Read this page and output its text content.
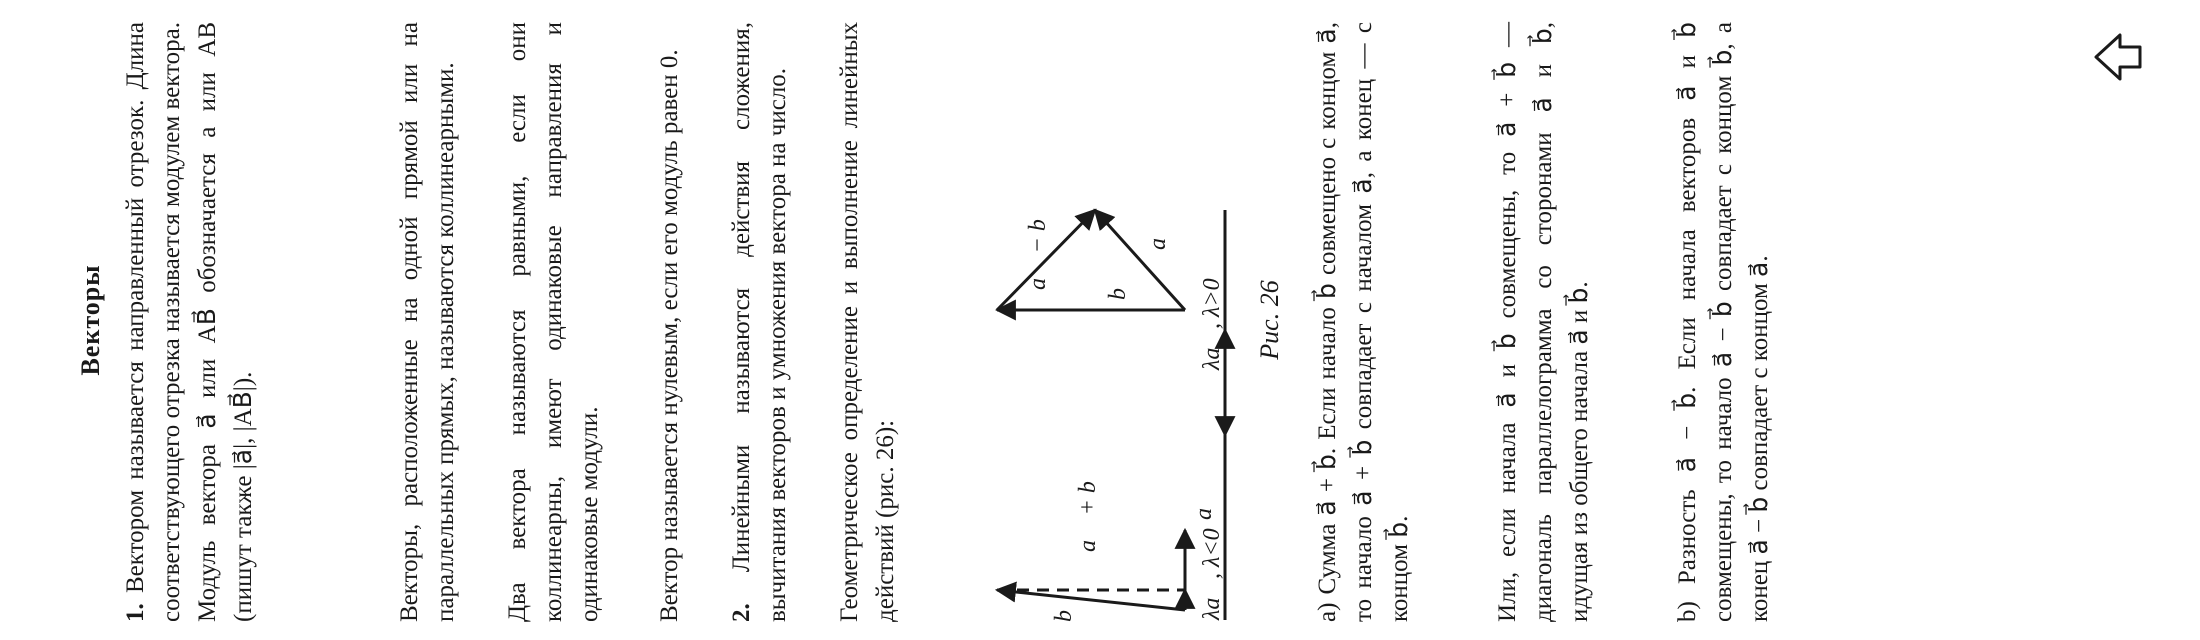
Векторы
1. Вектором называется направленный отрезок. Длина соответствующего отрезка называется модулем вектора. Модуль вектора a⃗ или AB⃗ обозначается a или AB (пишут также |a⃗|, |AB⃗|).	Векторы, расположенные на одной прямой или на параллельных прямых, называются коллинеарными. Два вектора называются равными, если они коллинеарны, имеют одинаковые направления и одинаковые модули. Вектор называется нулевым, если его модуль равен 0. 2. Линейными называются действия сложения, вычитания векторов и умножения вектора на число. Геометрическое определение и выполнение линейных действий (рис. 26):	b⃗
a⃗ + b⃗	a⃗
a⃗ − b⃗ b⃗
a⃗
λa⃗, λ<0
λa⃗, λ>0 Рис. 26 а) Сумма a⃗ + b⃗. Если начало b⃗ совмещено с концом a⃗, то начало a⃗ + b⃗ совпадает с началом a⃗, а конец — с концом b⃗.	Или, если начала a⃗ и b⃗ совмещены, то a⃗ + b⃗ — диагональ параллелограмма со сторонами a⃗ и b⃗, идущая из общего начала a⃗ и b⃗.	b) Разность a⃗ − b⃗. Если начала векторов a⃗ и b⃗ совмещены, то начало a⃗ − b⃗ совпадает с концом b⃗, а конец a⃗ − b⃗ совпадает с концом a⃗.
